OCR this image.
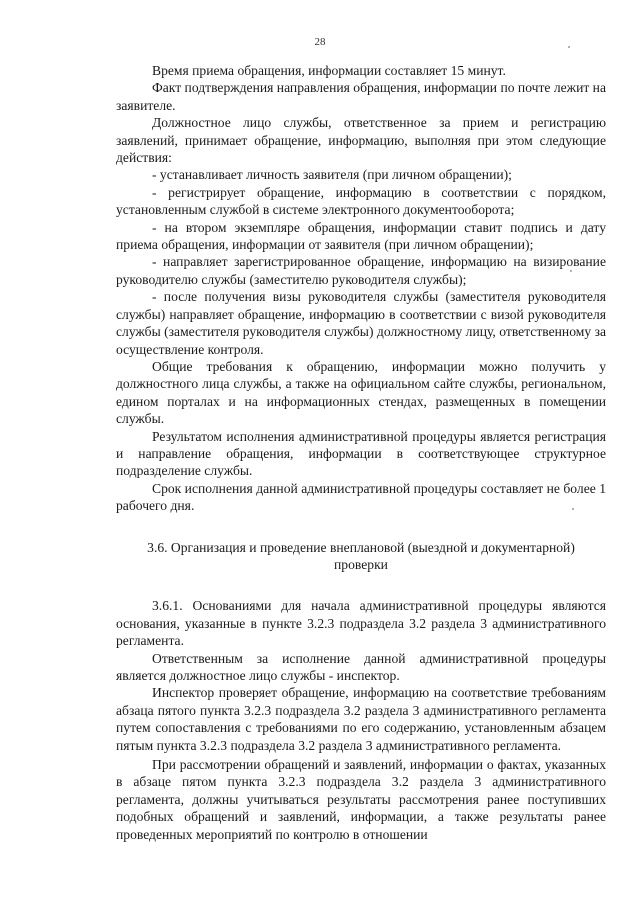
28

Время приема обращения, информации составляет 15 минут.

Факт подтверждения направления обращения, информации по почте лежит на заявителе.

Должностное лицо службы, ответственное за прием и регистрацию заявлений, принимает обращение, информацию, выполняя при этом следующие действия:

- устанавливает личность заявителя (при личном обращении);

- регистрирует обращение, информацию в соответствии с порядком, установленным службой в системе электронного документооборота;

- на втором экземпляре обращения, информации ставит подпись и дату приема обращения, информации от заявителя (при личном обращении);

- направляет зарегистрированное обращение, информацию на визирование руководителю службы (заместителю руководителя службы);

- после получения визы руководителя службы (заместителя руководителя службы) направляет обращение, информацию в соответствии с визой руководителя службы (заместителя руководителя службы) должностному лицу, ответственному за осуществление контроля.

Общие требования к обращению, информации можно получить у должностного лица службы, а также на официальном сайте службы, региональном, едином порталах и на информационных стендах, размещенных в помещении службы.

Результатом исполнения административной процедуры является регистрация и направление обращения, информации в соответствующее структурное подразделение службы.

Срок исполнения данной административной процедуры составляет не более 1 рабочего дня.

3.6. Организация и проведение внеплановой (выездной и документарной) проверки

3.6.1. Основаниями для начала административной процедуры являются основания, указанные в пункте 3.2.3 подраздела 3.2 раздела 3 административного регламента.

Ответственным за исполнение данной административной процедуры является должностное лицо службы - инспектор.

Инспектор проверяет обращение, информацию на соответствие требованиям абзаца пятого пункта 3.2.3 подраздела 3.2 раздела 3 административного регламента путем сопоставления с требованиями по его содержанию, установленным абзацем пятым пункта 3.2.3 подраздела 3.2 раздела 3 административного регламента.

При рассмотрении обращений и заявлений, информации о фактах, указанных в абзаце пятом пункта 3.2.3 подраздела 3.2 раздела 3 административного регламента, должны учитываться результаты рассмотрения ранее поступивших подобных обращений и заявлений, информации, а также результаты ранее проведенных мероприятий по контролю в отношении
